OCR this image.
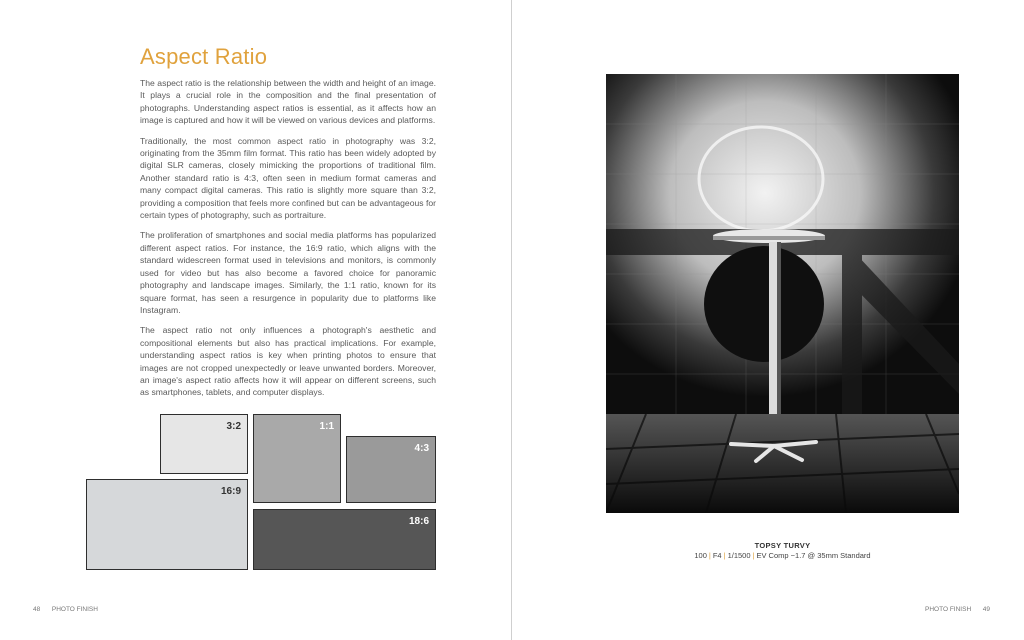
Aspect Ratio

The aspect ratio is the relationship between the width and height of an image. It plays a crucial role in the composition and the final presentation of photographs. Understanding aspect ratios is essential, as it affects how an image is captured and how it will be viewed on various devices and platforms.

Traditionally, the most common aspect ratio in photography was 3:2, originating from the 35mm film format. This ratio has been widely adopted by digital SLR cameras, closely mimicking the proportions of traditional film. Another standard ratio is 4:3, often seen in medium format cameras and many compact digital cameras. This ratio is slightly more square than 3:2, providing a composition that feels more confined but can be advantageous for certain types of photography, such as portraiture.

The proliferation of smartphones and social media platforms has popularized different aspect ratios. For instance, the 16:9 ratio, which aligns with the standard widescreen format used in televisions and monitors, is commonly used for video but has also become a favored choice for panoramic photography and landscape images. Similarly, the 1:1 ratio, known for its square format, has seen a resurgence in popularity due to platforms like Instagram.

The aspect ratio not only influences a photograph's aesthetic and compositional elements but also has practical implications. For example, understanding aspect ratios is key when printing photos to ensure that images are not cropped unexpectedly or leave unwanted borders. Moreover, an image's aspect ratio affects how it will appear on different screens, such as smartphones, tablets, and computer displays.

3:2	1:1
4:3
16:9
18:6
48 PHOTO FINISH
TOPSY TURVY
100 | F4 | 1/1500 | EV Comp −1.7 @ 35mm Standard
PHOTO FINISH 49
